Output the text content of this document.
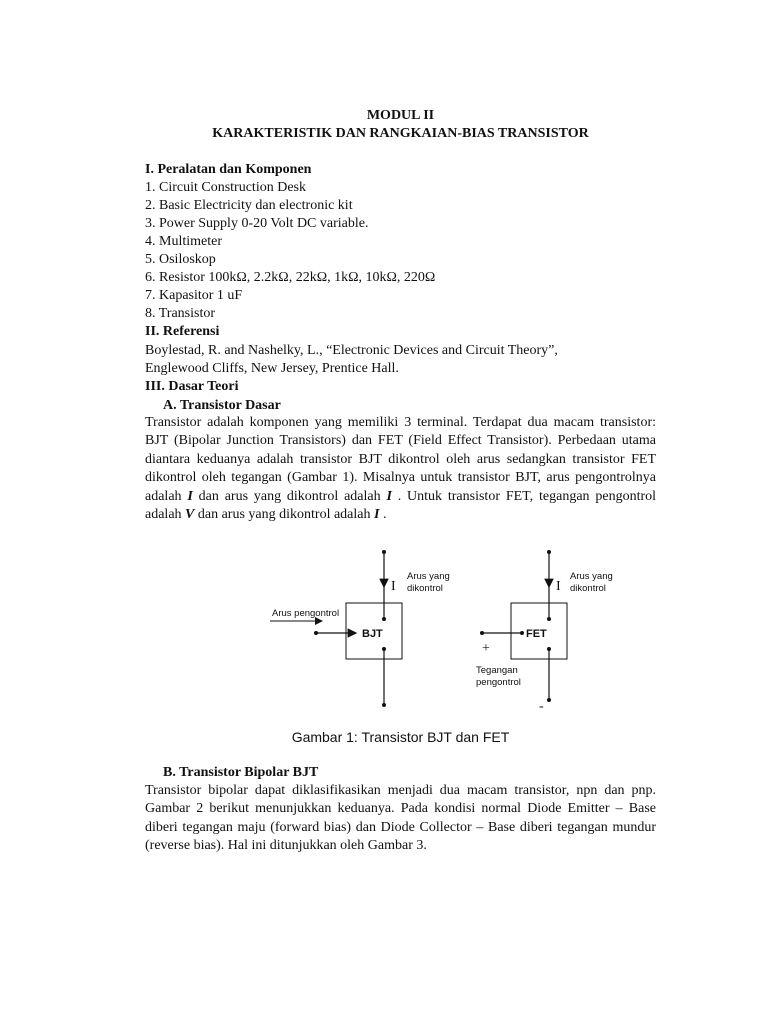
MODUL II
KARAKTERISTIK DAN RANGKAIAN-BIAS TRANSISTOR
I. Peralatan dan Komponen
1. Circuit Construction Desk
2. Basic Electricity dan electronic kit
3. Power Supply 0-20 Volt DC variable.
4. Multimeter
5. Osiloskop
6. Resistor 100kΩ, 2.2kΩ, 22kΩ, 1kΩ, 10kΩ, 220Ω
7. Kapasitor 1 uF
8. Transistor
II. Referensi
Boylestad, R. and Nashelky, L., “Electronic Devices and Circuit Theory”,
Englewood Cliffs, New Jersey, Prentice Hall.
III. Dasar Teori
A. Transistor Dasar

Transistor adalah komponen yang memiliki 3 terminal. Terdapat dua macam transistor: BJT (Bipolar Junction Transistors) dan FET (Field Effect Transistor). Perbedaan utama diantara keduanya adalah transistor BJT dikontrol oleh arus sedangkan transistor FET dikontrol oleh tegangan (Gambar 1). Misalnya untuk transistor BJT, arus pengontrolnya adalah I dan arus yang dikontrol adalah I . Untuk transistor FET, tegangan pengontrol adalah V dan arus yang dikontrol adalah I .

Gambar 1: Transistor BJT dan FET
B. Transistor Bipolar BJT

Transistor bipolar dapat diklasifikasikan menjadi dua macam transistor, npn dan pnp. Gambar 2 berikut menunjukkan keduanya. Pada kondisi normal Diode Emitter – Base diberi tegangan maju (forward bias) dan Diode Collector – Base diberi tegangan mundur (reverse bias). Hal ini ditunjukkan oleh Gambar 3.

BJT
I
Arus yang
dikontrol
Arus pengontrol
FET
I
Arus yang
dikontrol
+
Tegangan
pengontrol
-
